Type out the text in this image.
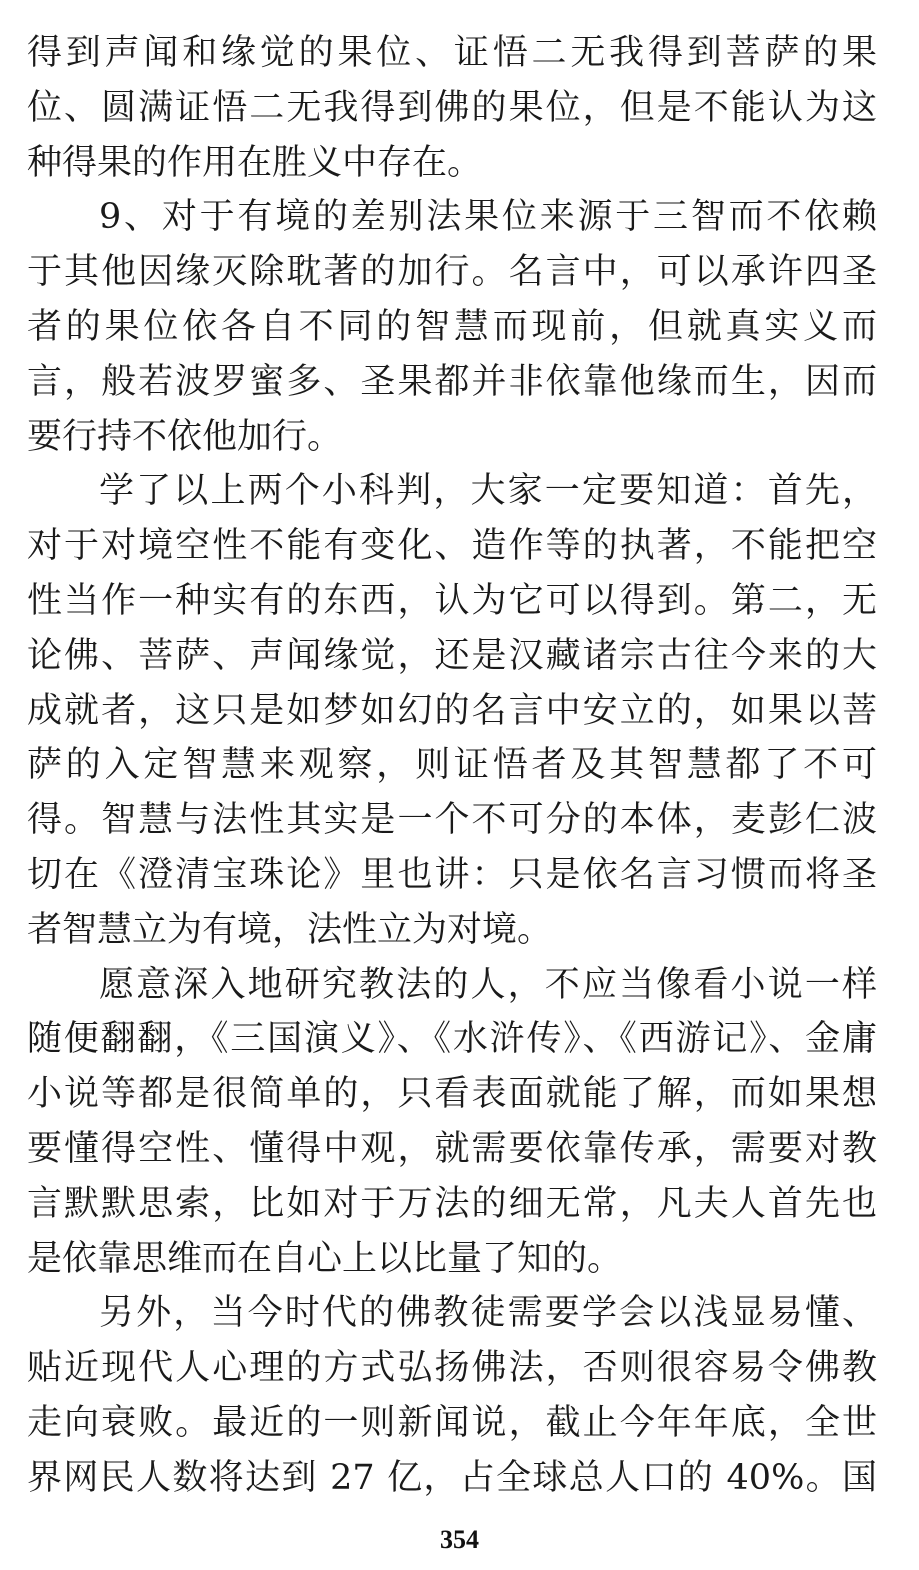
得到声闻和缘觉的果位、证悟二无我得到菩萨的果
位、圆满证悟二无我得到佛的果位，但是不能认为这
种得果的作用在胜义中存在。
9、对于有境的差别法果位来源于三智而不依赖
于其他因缘灭除耽著的加行。名言中，可以承许四圣
者的果位依各自不同的智慧而现前，但就真实义而
言，般若波罗蜜多、圣果都并非依靠他缘而生，因而
要行持不依他加行。
学了以上两个小科判，大家一定要知道：首先，
对于对境空性不能有变化、造作等的执著，不能把空
性当作一种实有的东西，认为它可以得到。第二，无
论佛、菩萨、声闻缘觉，还是汉藏诸宗古往今来的大
成就者，这只是如梦如幻的名言中安立的，如果以菩
萨的入定智慧来观察，则证悟者及其智慧都了不可
得。智慧与法性其实是一个不可分的本体，麦彭仁波
切在《澄清宝珠论》里也讲：只是依名言习惯而将圣
者智慧立为有境，法性立为对境。
愿意深入地研究教法的人，不应当像看小说一样
随便翻翻，《三国演义》、《水浒传》、《西游记》、金庸
小说等都是很简单的，只看表面就能了解，而如果想
要懂得空性、懂得中观，就需要依靠传承，需要对教
言默默思索，比如对于万法的细无常，凡夫人首先也
是依靠思维而在自心上以比量了知的。
另外，当今时代的佛教徒需要学会以浅显易懂、
贴近现代人心理的方式弘扬佛法，否则很容易令佛教
走向衰败。最近的一则新闻说，截止今年年底，全世
界网民人数将达到 27 亿，占全球总人口的 40%。国
354
